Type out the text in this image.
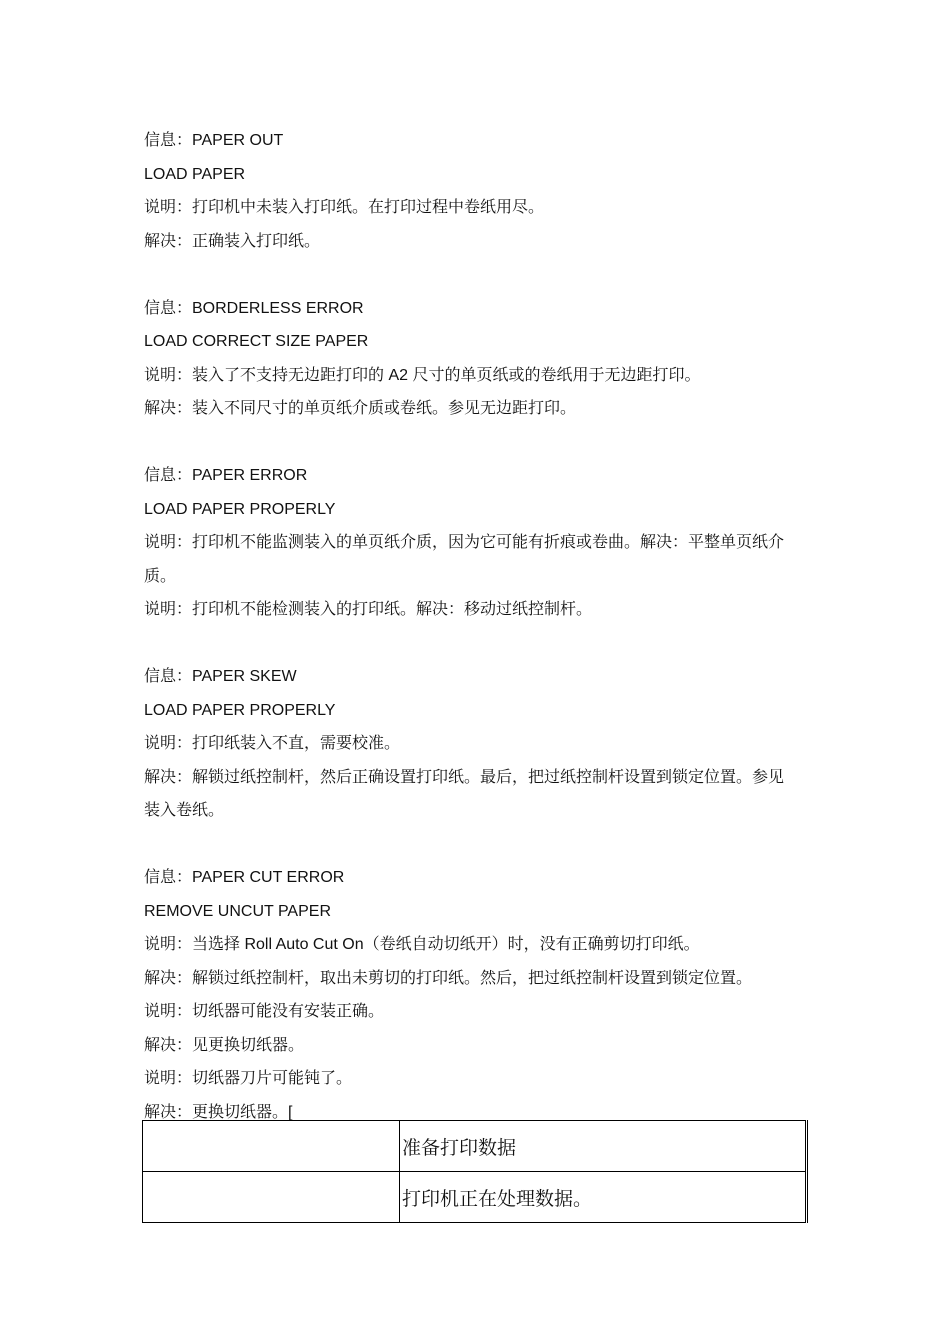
信息：PAPER OUT
LOAD PAPER
说明：打印机中未装入打印纸。在打印过程中卷纸用尽。
解决：正确装入打印纸。
信息：BORDERLESS ERROR
LOAD CORRECT SIZE PAPER
说明：装入了不支持无边距打印的 A2 尺寸的单页纸或的卷纸用于无边距打印。
解决：装入不同尺寸的单页纸介质或卷纸。参见无边距打印。
信息：PAPER ERROR
LOAD PAPER PROPERLY
说明：打印机不能监测装入的单页纸介质，因为它可能有折痕或卷曲。解决：平整单页纸介
质。
说明：打印机不能检测装入的打印纸。解决：移动过纸控制杆。
信息：PAPER SKEW
LOAD PAPER PROPERLY
说明：打印纸装入不直，需要校准。
解决：解锁过纸控制杆，然后正确设置打印纸。最后，把过纸控制杆设置到锁定位置。参见
装入卷纸。
信息：PAPER CUT ERROR
REMOVE UNCUT PAPER
说明：当选择 Roll Auto Cut On（卷纸自动切纸开）时，没有正确剪切打印纸。
解决：解锁过纸控制杆，取出未剪切的打印纸。然后，把过纸控制杆设置到锁定位置。
说明：切纸器可能没有安装正确。
解决：见更换切纸器。
说明：切纸器刀片可能钝了。
解决：更换切纸器。[
	准备打印数据
	打印机正在处理数据。
